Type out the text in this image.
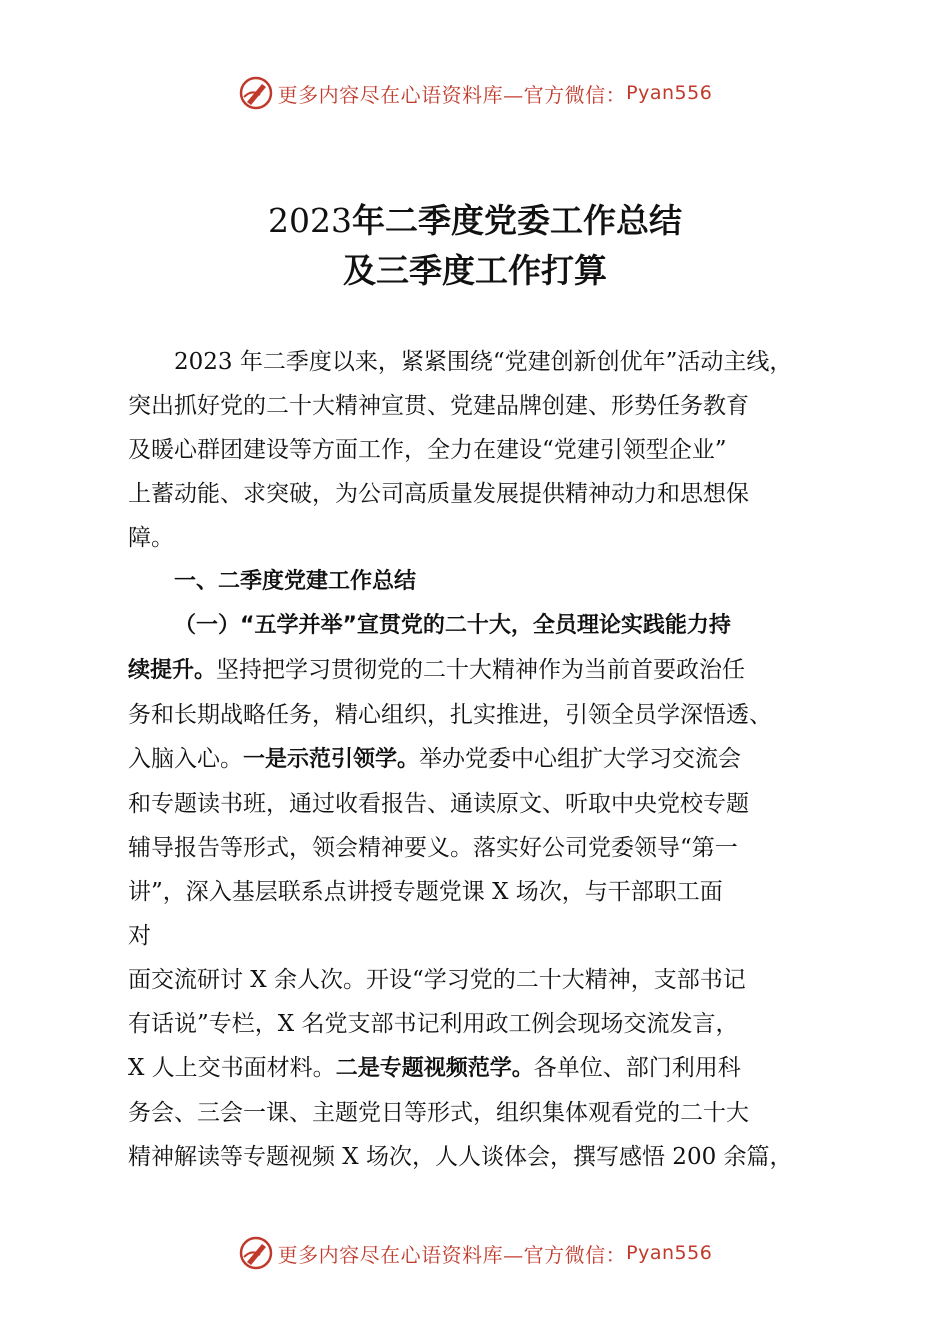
更多内容尽在心语资料库—官方微信： Pyan556
2023年二季度党委工作总结
及三季度工作打算
2023 年二季度以来，紧紧围绕“党建创新创优年”活动主线，
突出抓好党的二十大精神宣贯、党建品牌创建、形势任务教育
及暖心群团建设等方面工作，全力在建设“党建引领型企业”
上蓄动能、求突破，为公司高质量发展提供精神动力和思想保
障。
一、二季度党建工作总结
（一）“五学并举”宣贯党的二十大，全员理论实践能力持
续提升。坚持把学习贯彻党的二十大精神作为当前首要政治任
务和长期战略任务，精心组织，扎实推进，引领全员学深悟透、
入脑入心。一是示范引领学。举办党委中心组扩大学习交流会
和专题读书班，通过收看报告、通读原文、听取中央党校专题
辅导报告等形式，领会精神要义。落实好公司党委领导“第一
讲”，深入基层联系点讲授专题党课 X 场次，与干部职工面
对
面交流研讨 X 余人次。开设“学习党的二十大精神，支部书记
有话说”专栏，X 名党支部书记利用政工例会现场交流发言，
X 人上交书面材料。二是专题视频范学。各单位、部门利用科
务会、三会一课、主题党日等形式，组织集体观看党的二十大
精神解读等专题视频 X 场次，人人谈体会，撰写感悟 200 余篇，
更多内容尽在心语资料库—官方微信： Pyan556
